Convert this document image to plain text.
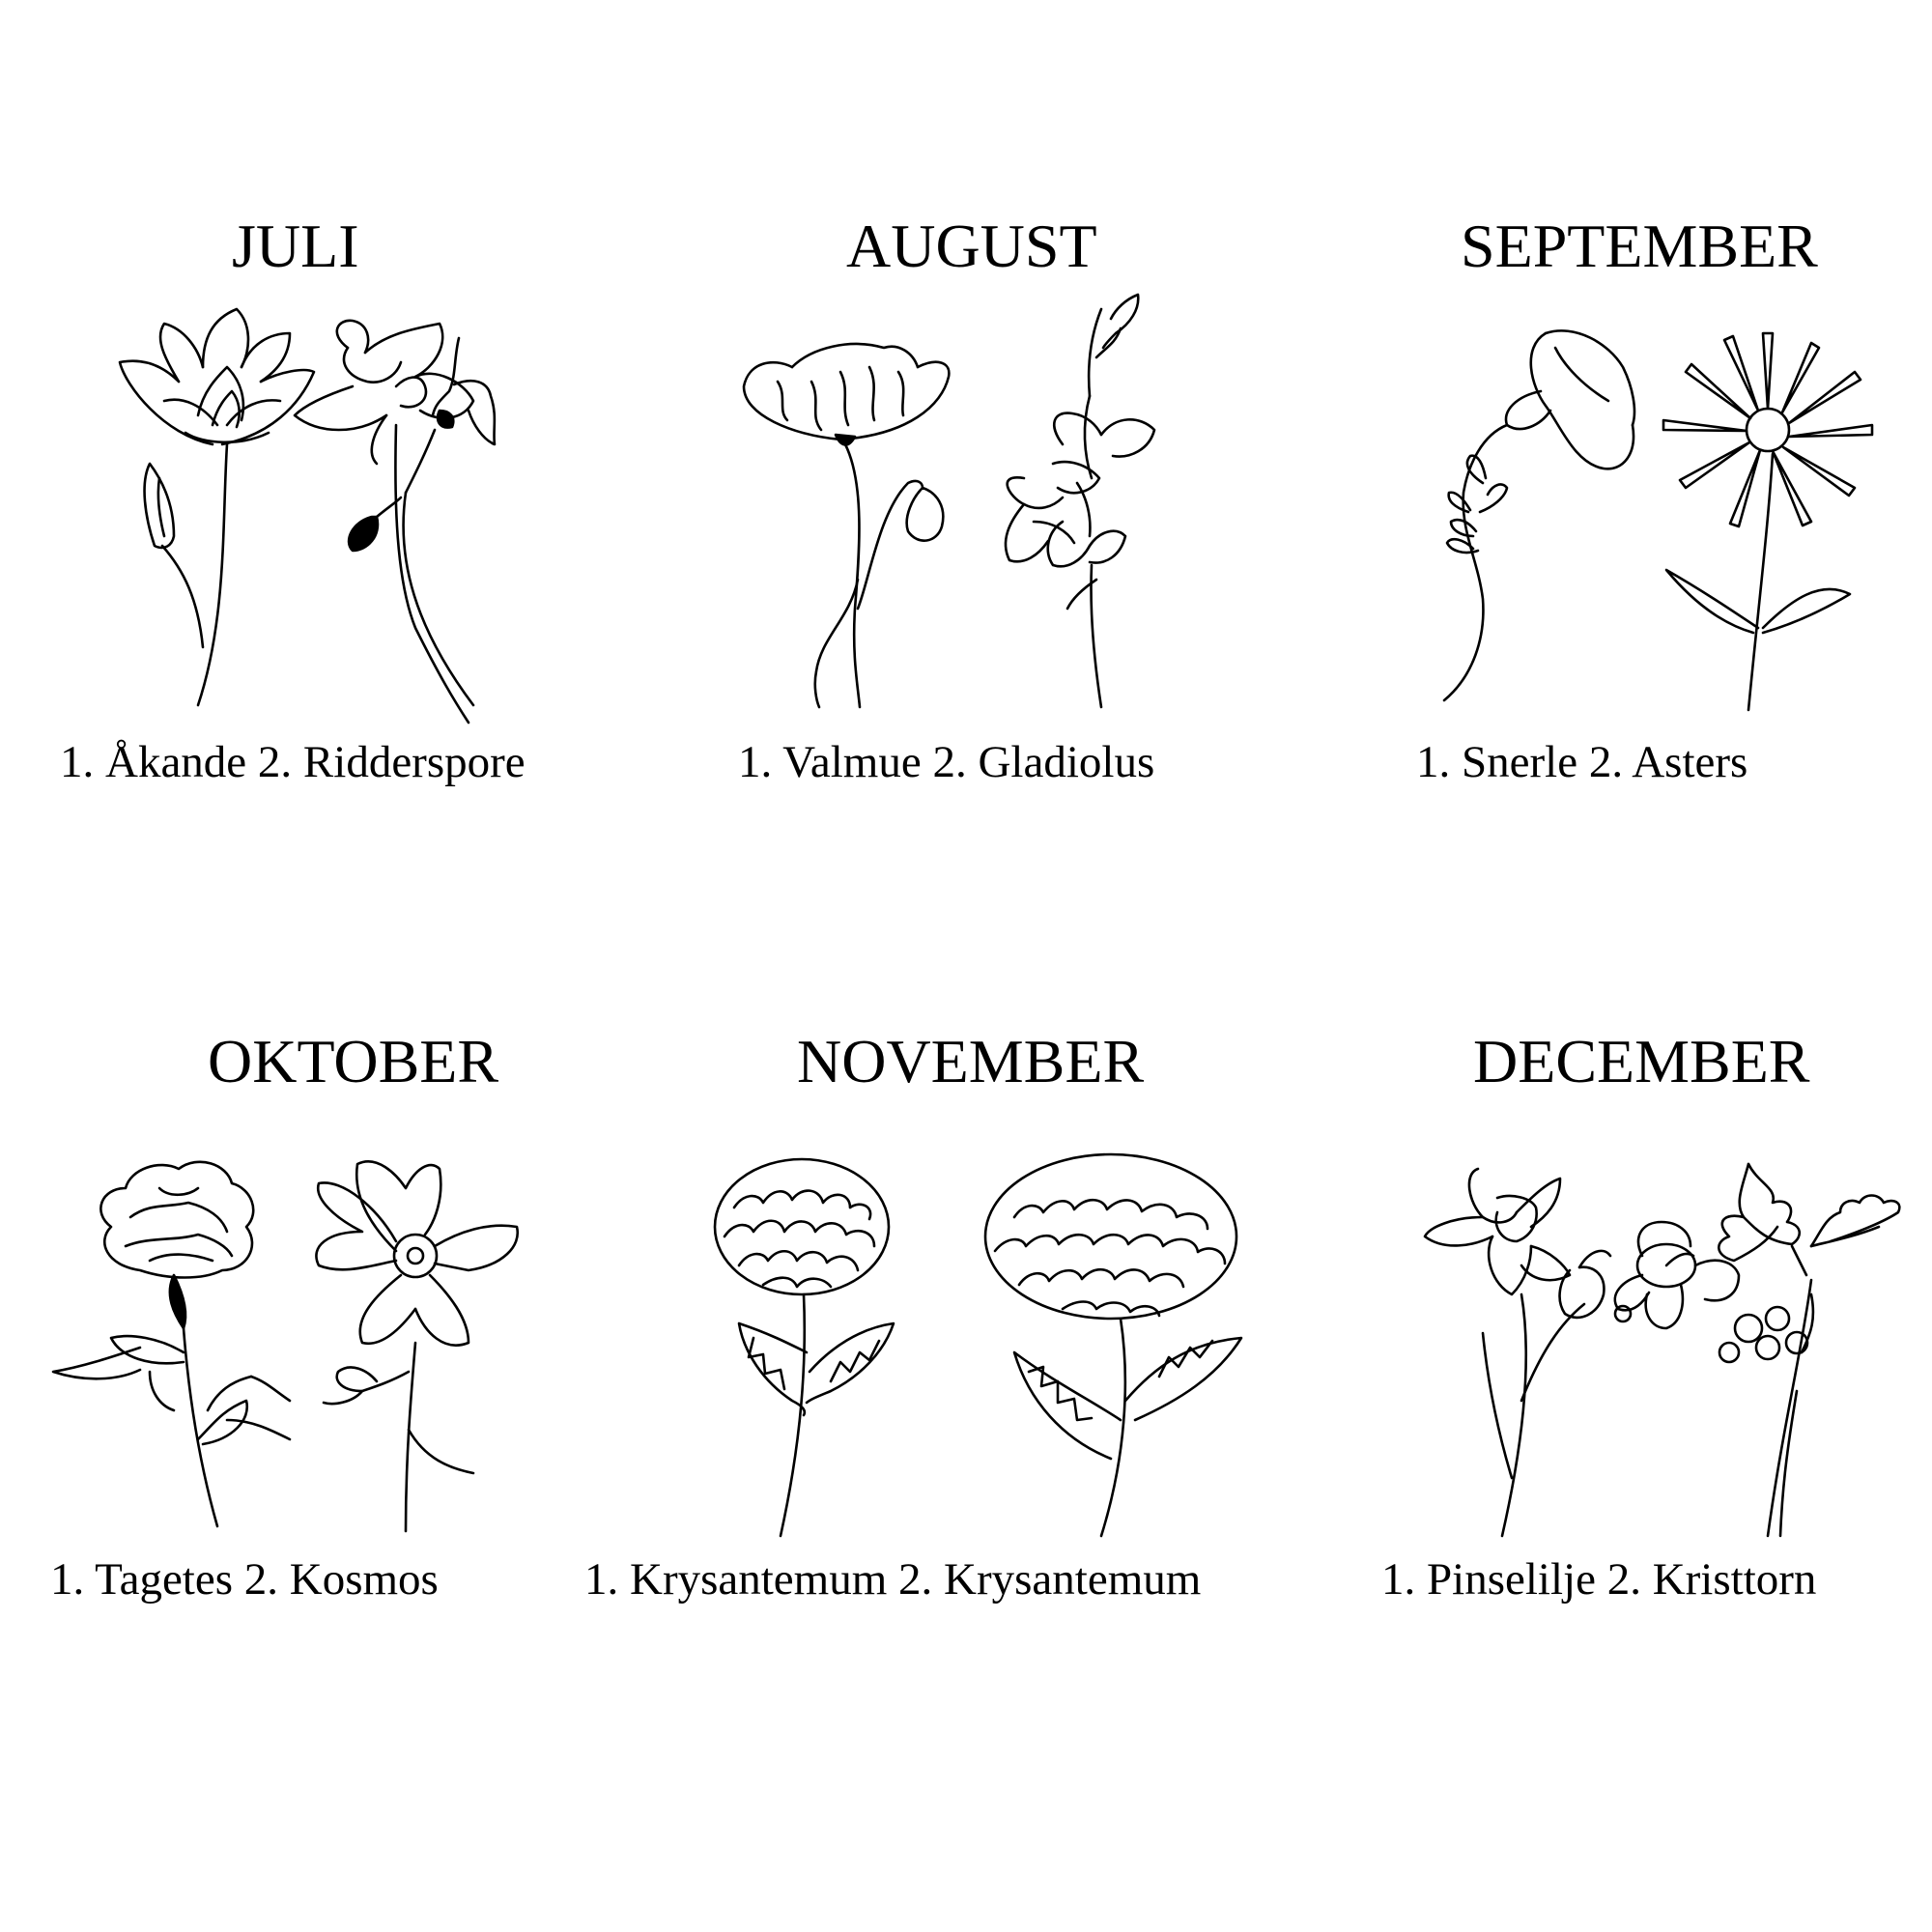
JULI
1. Åkande 2. Ridderspore
AUGUST
1. Valmue 2. Gladiolus
SEPTEMBER
1. Snerle 2. Asters
OKTOBER
1. Tagetes 2. Kosmos
NOVEMBER
1. Krysantemum 2. Krysantemum
DECEMBER
1. Pinselilje 2. Kristtorn
